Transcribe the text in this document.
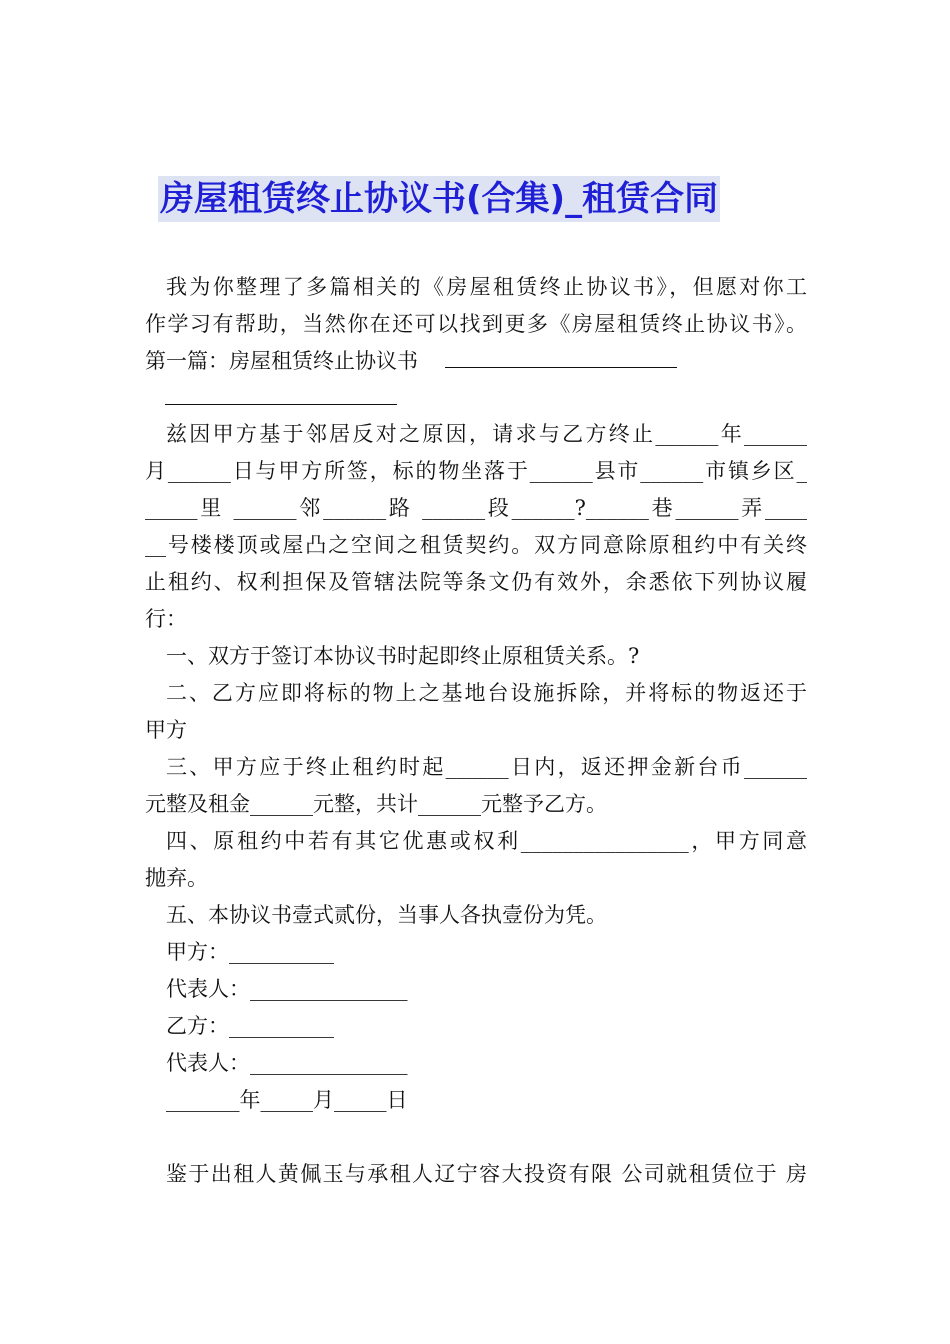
房屋租赁终止协议书(合集)_租赁合同
我为你整理了多篇相关的《房屋租赁终止协议书》，但愿对你工
作学习有帮助，当然你在还可以找到更多《房屋租赁终止协议书》。
第一篇：房屋租赁终止协议书
兹因甲方基于邻居反对之原因，请求与乙方终止______年______
月______日与甲方所签，标的物坐落于______县市______市镇乡区_
_____里 ______邻______路 ______段______?______巷______弄____
__号楼楼顶或屋凸之空间之租赁契约。双方同意除原租约中有关终
止租约、权利担保及管辖法院等条文仍有效外，余悉依下列协议履
行：
一、双方于签订本协议书时起即终止原租赁关系。?
二、乙方应即将标的物上之基地台设施拆除，并将标的物返还于
甲方
三、甲方应于终止租约时起______日内，返还押金新台币______
元整及租金______元整，共计______元整予乙方。
四、原租约中若有其它优惠或权利________________，甲方同意
抛弃。
五、本协议书壹式贰份，当事人各执壹份为凭。
甲方：__________
代表人：_______________
乙方：__________
代表人：_______________
_______年_____月_____日
鉴于出租人黄佩玉与承租人辽宁容大投资有限 公司就租赁位于 房
